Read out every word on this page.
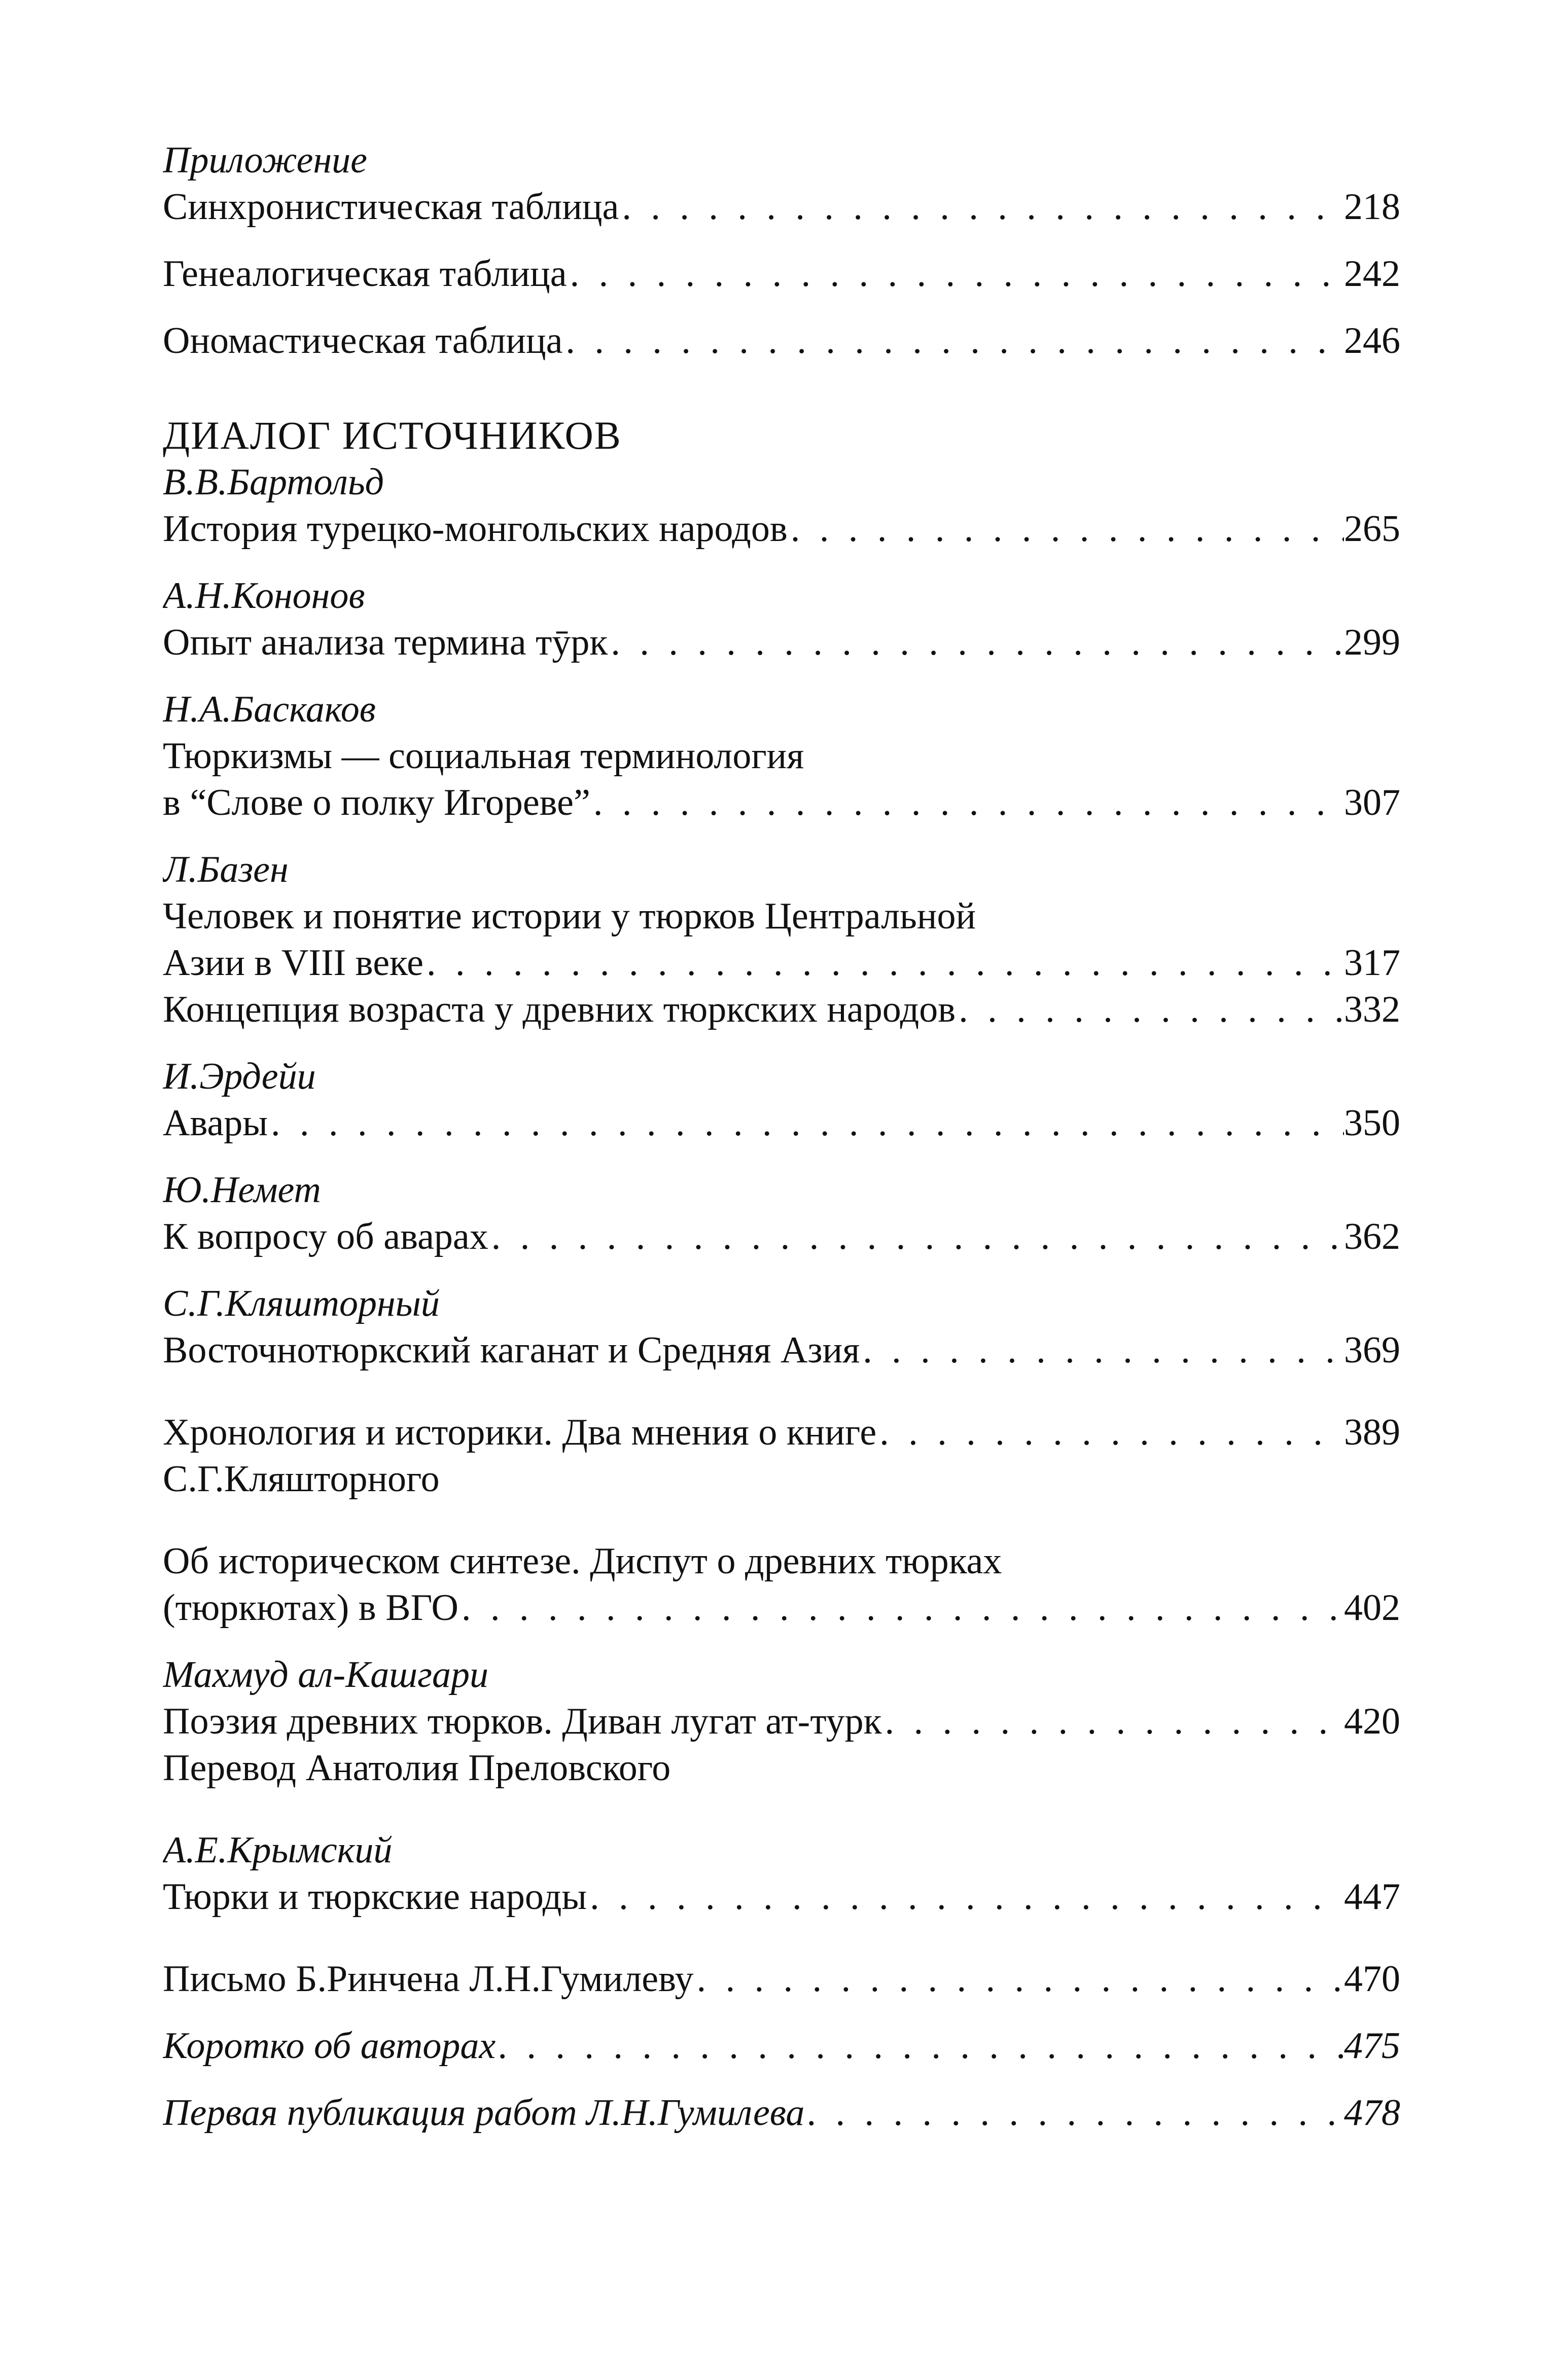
Приложение
Синхронистическая таблица . . .	218
Генеалогическая таблица . . .	242
Ономастическая таблица . . .	246
ДИАЛОГ ИСТОЧНИКОВ
В.В.Бартольд
История турецко-монгольских народов . . .	265
А.Н.Кононов
Опыт анализа термина тӯрк . . .	299
Н.А.Баскаков
Тюркизмы — социальная терминология
в “Слове о полку Игореве” . . .	307
Л.Базен
Человек и понятие истории у тюрков Центральной
Азии в VIII веке . . .	317
Концепция возраста у древних тюркских народов . . .	332
И.Эрдейи
Авары . . .	350
Ю.Немет
К вопросу об аварах . . .	362
С.Г.Кляшторный
Восточнотюркский каганат и Средняя Азия . . .	369
Хронология и историки. Два мнения о книге . . .	389
С.Г.Кляшторного
Об историческом синтезе. Диспут о древних тюрках
(тюркютах) в ВГО . . .	402
Махмуд ал-Кашгари
Поэзия древних тюрков. Диван лугат ат-турк . . .	420
Перевод Анатолия Преловского
А.Е.Крымский
Тюрки и тюркские народы . . .	447
Письмо Б.Ринчена Л.Н.Гумилеву . . .	470
Коротко об авторах . . .	475
Первая публикация работ Л.Н.Гумилева . . .	478
